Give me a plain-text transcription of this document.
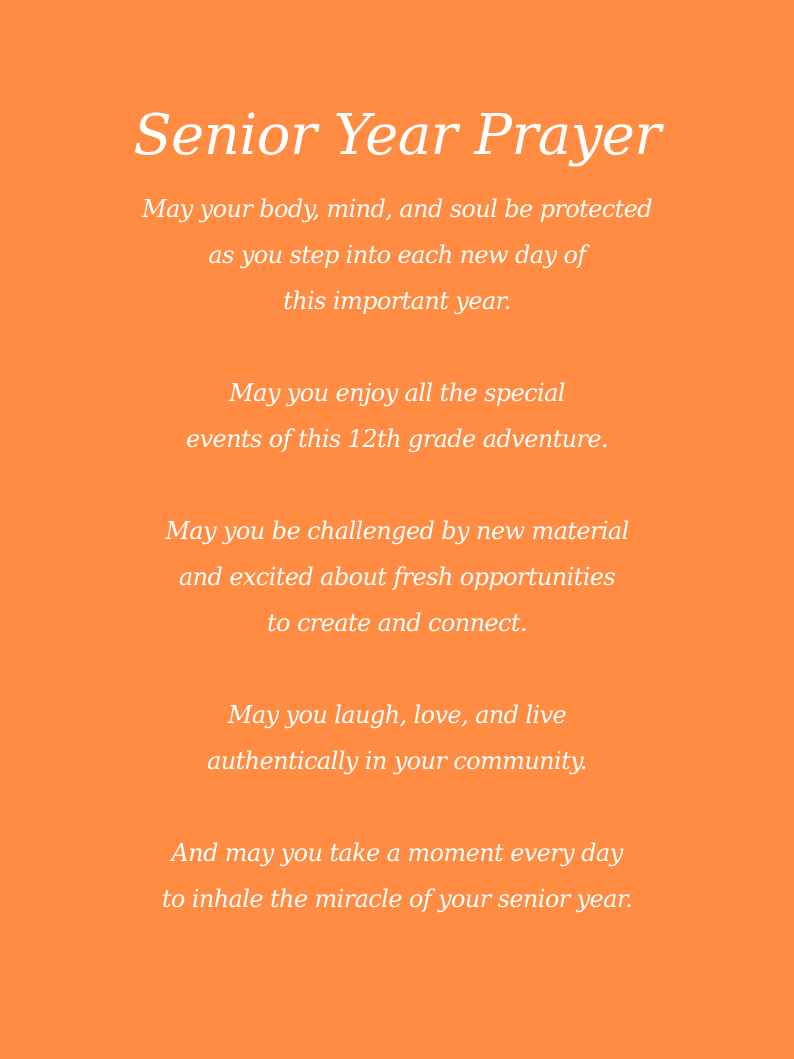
Senior Year Prayer

May your body, mind, and soul be protected
as you step into each new day of
this important year.

May you enjoy all the special
events of this 12th grade adventure.

May you be challenged by new material
and excited about fresh opportunities
to create and connect.

May you laugh, love, and live
authentically in your community.

And may you take a moment every day
to inhale the miracle of your senior year.
